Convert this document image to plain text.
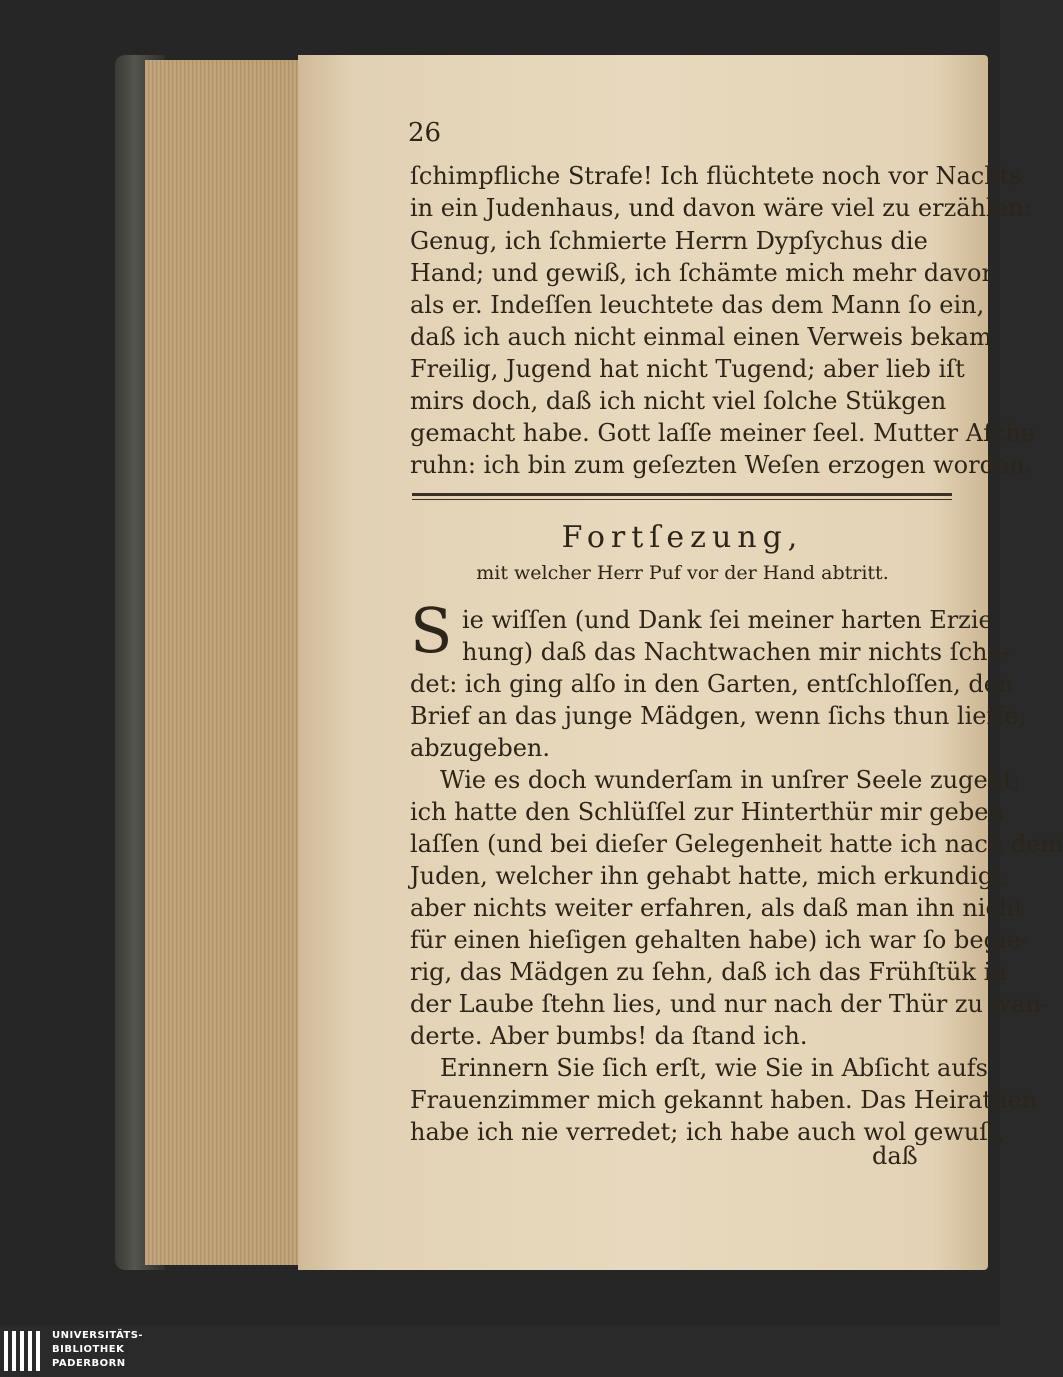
26
ſchimpfliche Strafe! Ich flüchtete noch vor Nachts
in ein Judenhaus, und davon wäre viel zu erzählen:
Genug, ich ſchmierte Herrn Dypſychus die
Hand; und gewiß, ich ſchämte mich mehr davor
als er. Indeſſen leuchtete das dem Mann ſo ein,
daß ich auch nicht einmal einen Verweis bekam.
Freilig, Jugend hat nicht Tugend; aber lieb iſt
mirs doch, daß ich nicht viel ſolche Stükgen
gemacht habe. Gott laſſe meiner ſeel. Mutter Aſche
ruhn: ich bin zum geſezten Weſen erzogen worden.
Fortſezung,
mit welcher Herr Puf vor der Hand abtritt.
S ie wiſſen (und Dank ſei meiner harten Erzie-
hung) daß das Nachtwachen mir nichts ſcha-
det: ich ging alſo in den Garten, entſchloſſen, den
Brief an das junge Mädgen, wenn ſichs thun lieſſe,
abzugeben.
Wie es doch wunderſam in unſrer Seele zugeht;
ich hatte den Schlüſſel zur Hinterthür mir geben
laſſen (und bei dieſer Gelegenheit hatte ich nach dem
Juden, welcher ihn gehabt hatte, mich erkundigt,
aber nichts weiter erfahren, als daß man ihn nicht
für einen hieſigen gehalten habe) ich war ſo begie-
rig, das Mädgen zu ſehn, daß ich das Frühſtük in
der Laube ſtehn lies, und nur nach der Thür zu wan-
derte. Aber bumbs! da ſtand ich.
Erinnern Sie ſich erſt, wie Sie in Abſicht aufs
Frauenzimmer mich gekannt haben. Das Heirathen
habe ich nie verredet; ich habe auch wol gewuſt,
daß
UNIVERSITÄTS-
BIBLIOTHEK
PADERBORN
